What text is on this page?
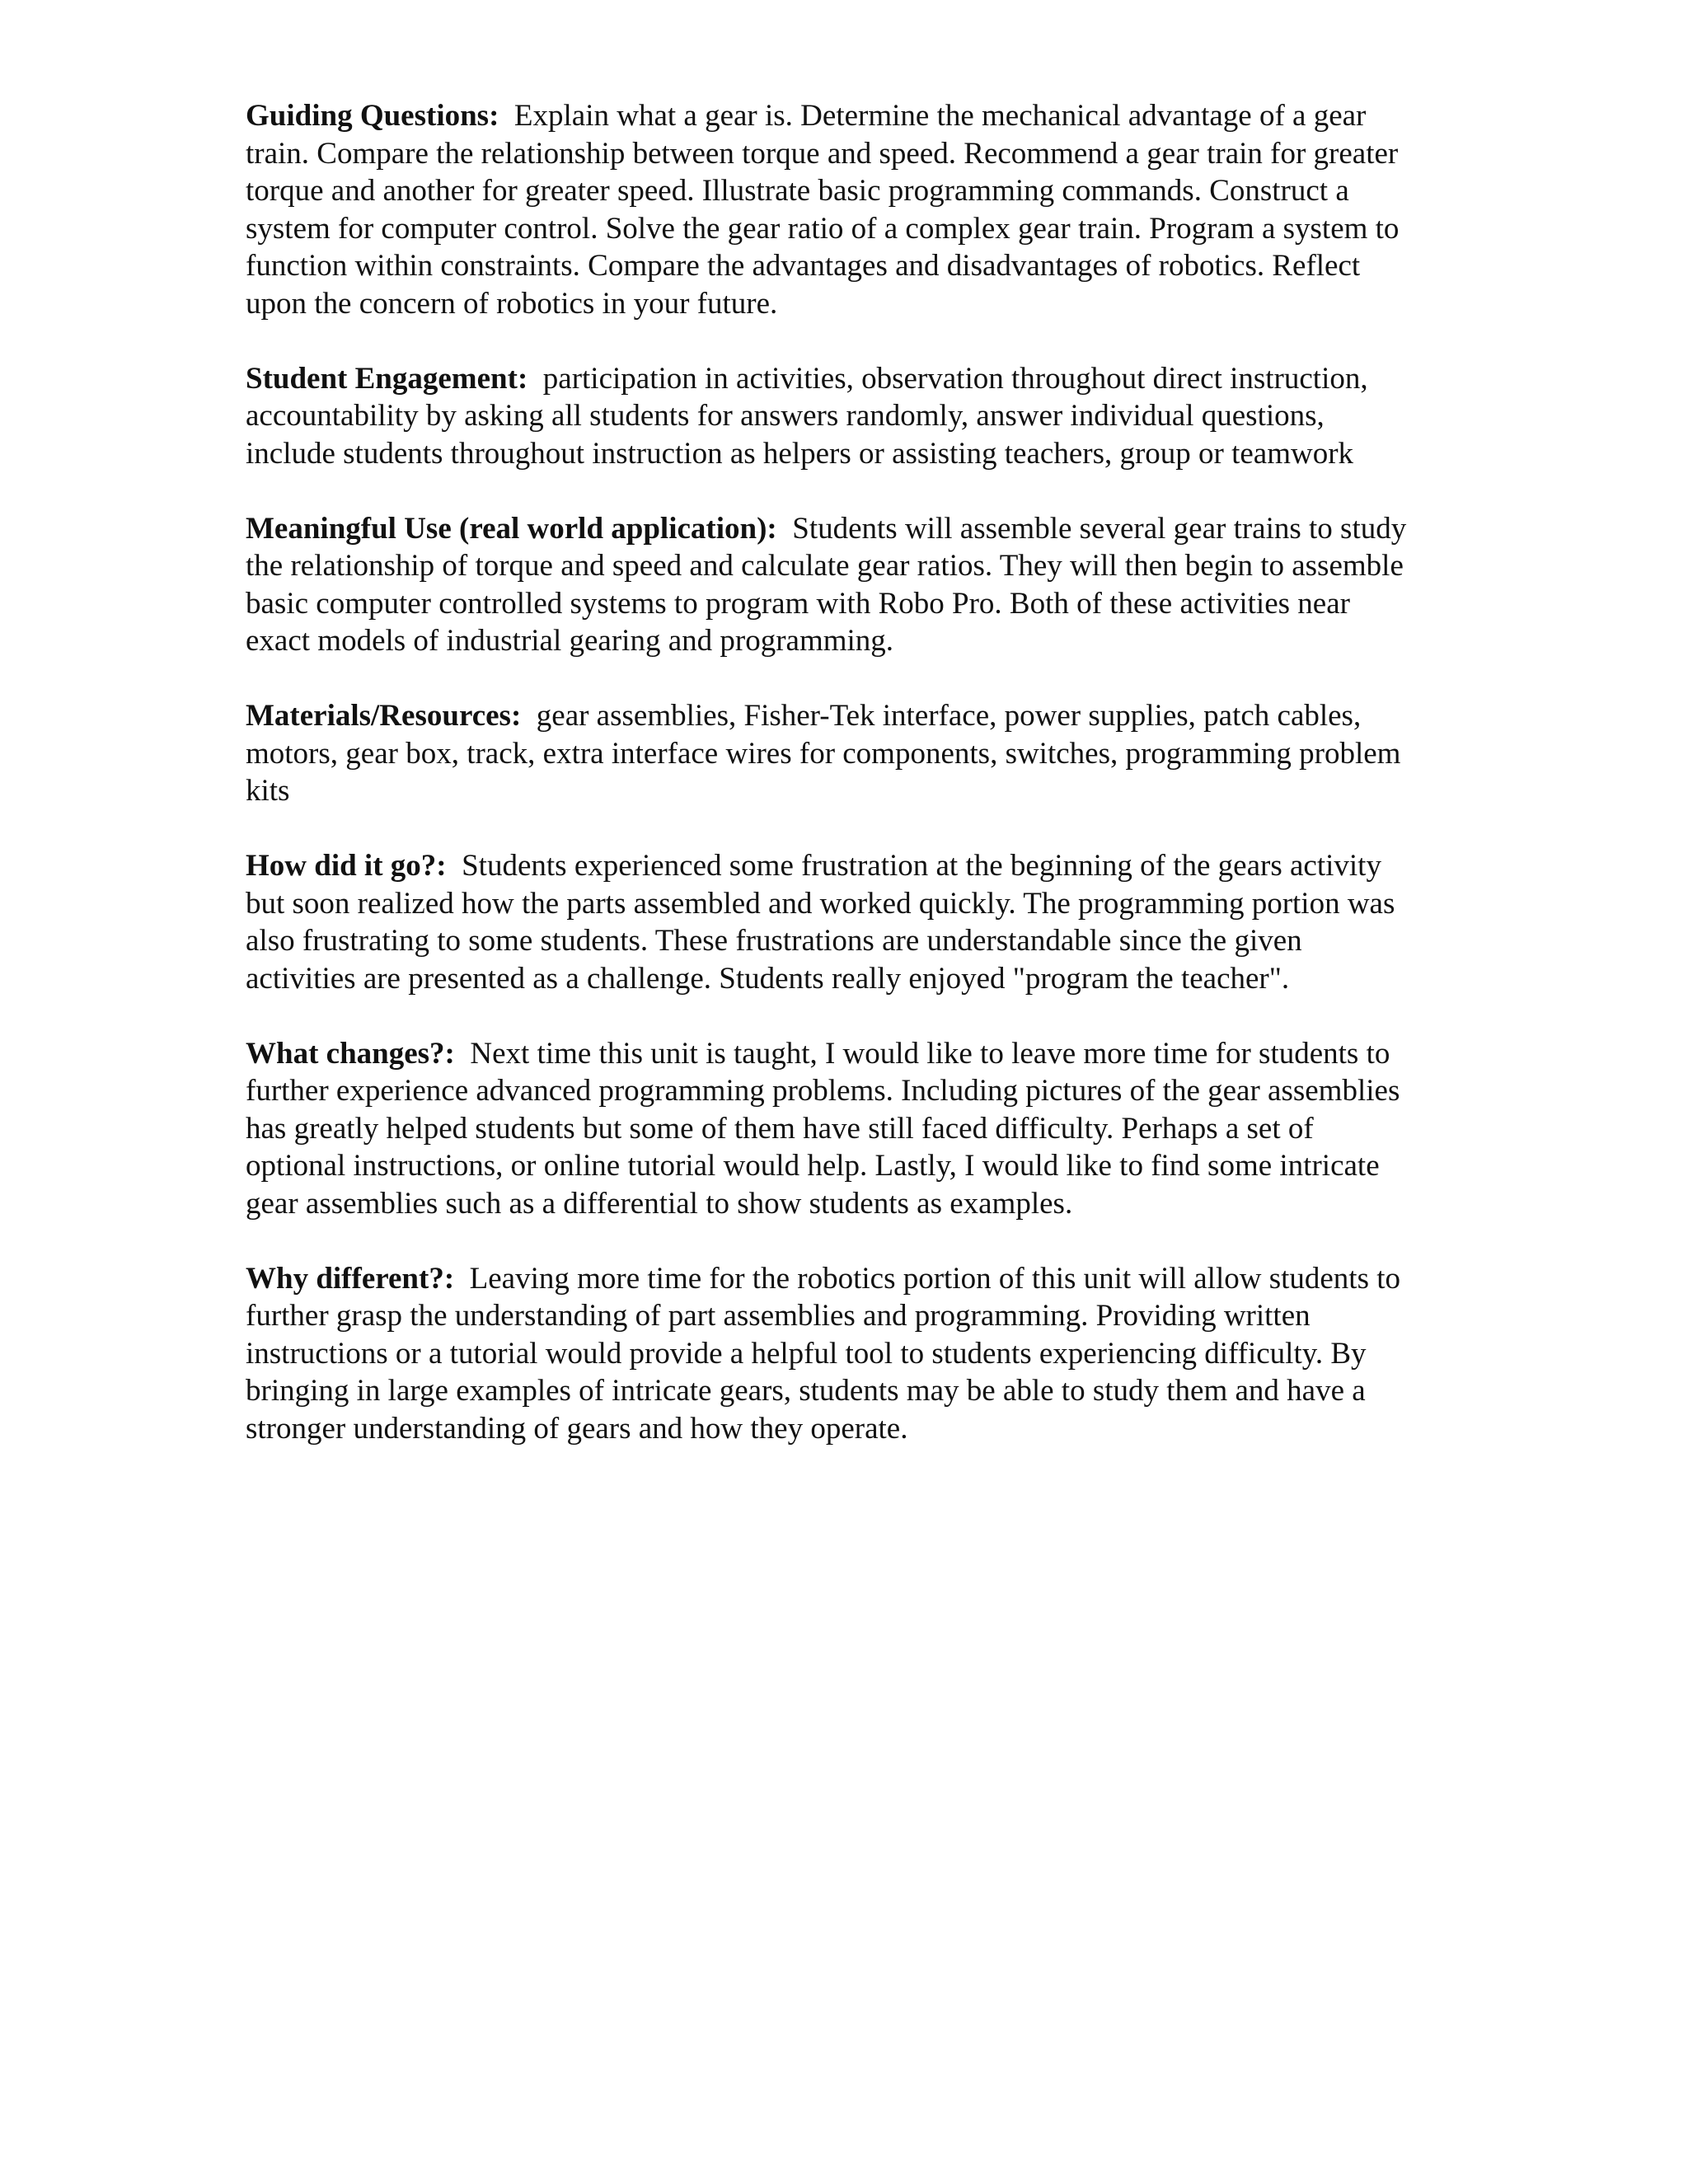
Guiding Questions: Explain what a gear is. Determine the mechanical advantage of a gear
train. Compare the relationship between torque and speed. Recommend a gear train for greater
torque and another for greater speed. Illustrate basic programming commands. Construct a
system for computer control. Solve the gear ratio of a complex gear train. Program a system to
function within constraints. Compare the advantages and disadvantages of robotics. Reflect
upon the concern of robotics in your future.
Student Engagement: participation in activities, observation throughout direct instruction,
accountability by asking all students for answers randomly, answer individual questions,
include students throughout instruction as helpers or assisting teachers, group or teamwork
Meaningful Use (real world application): Students will assemble several gear trains to study
the relationship of torque and speed and calculate gear ratios. They will then begin to assemble
basic computer controlled systems to program with Robo Pro. Both of these activities near
exact models of industrial gearing and programming.
Materials/Resources: gear assemblies, Fisher-Tek interface, power supplies, patch cables,
motors, gear box, track, extra interface wires for components, switches, programming problem
kits
How did it go?: Students experienced some frustration at the beginning of the gears activity
but soon realized how the parts assembled and worked quickly. The programming portion was
also frustrating to some students. These frustrations are understandable since the given
activities are presented as a challenge. Students really enjoyed "program the teacher".
What changes?: Next time this unit is taught, I would like to leave more time for students to
further experience advanced programming problems. Including pictures of the gear assemblies
has greatly helped students but some of them have still faced difficulty. Perhaps a set of
optional instructions, or online tutorial would help. Lastly, I would like to find some intricate
gear assemblies such as a differential to show students as examples.
Why different?: Leaving more time for the robotics portion of this unit will allow students to
further grasp the understanding of part assemblies and programming. Providing written
instructions or a tutorial would provide a helpful tool to students experiencing difficulty. By
bringing in large examples of intricate gears, students may be able to study them and have a
stronger understanding of gears and how they operate.
